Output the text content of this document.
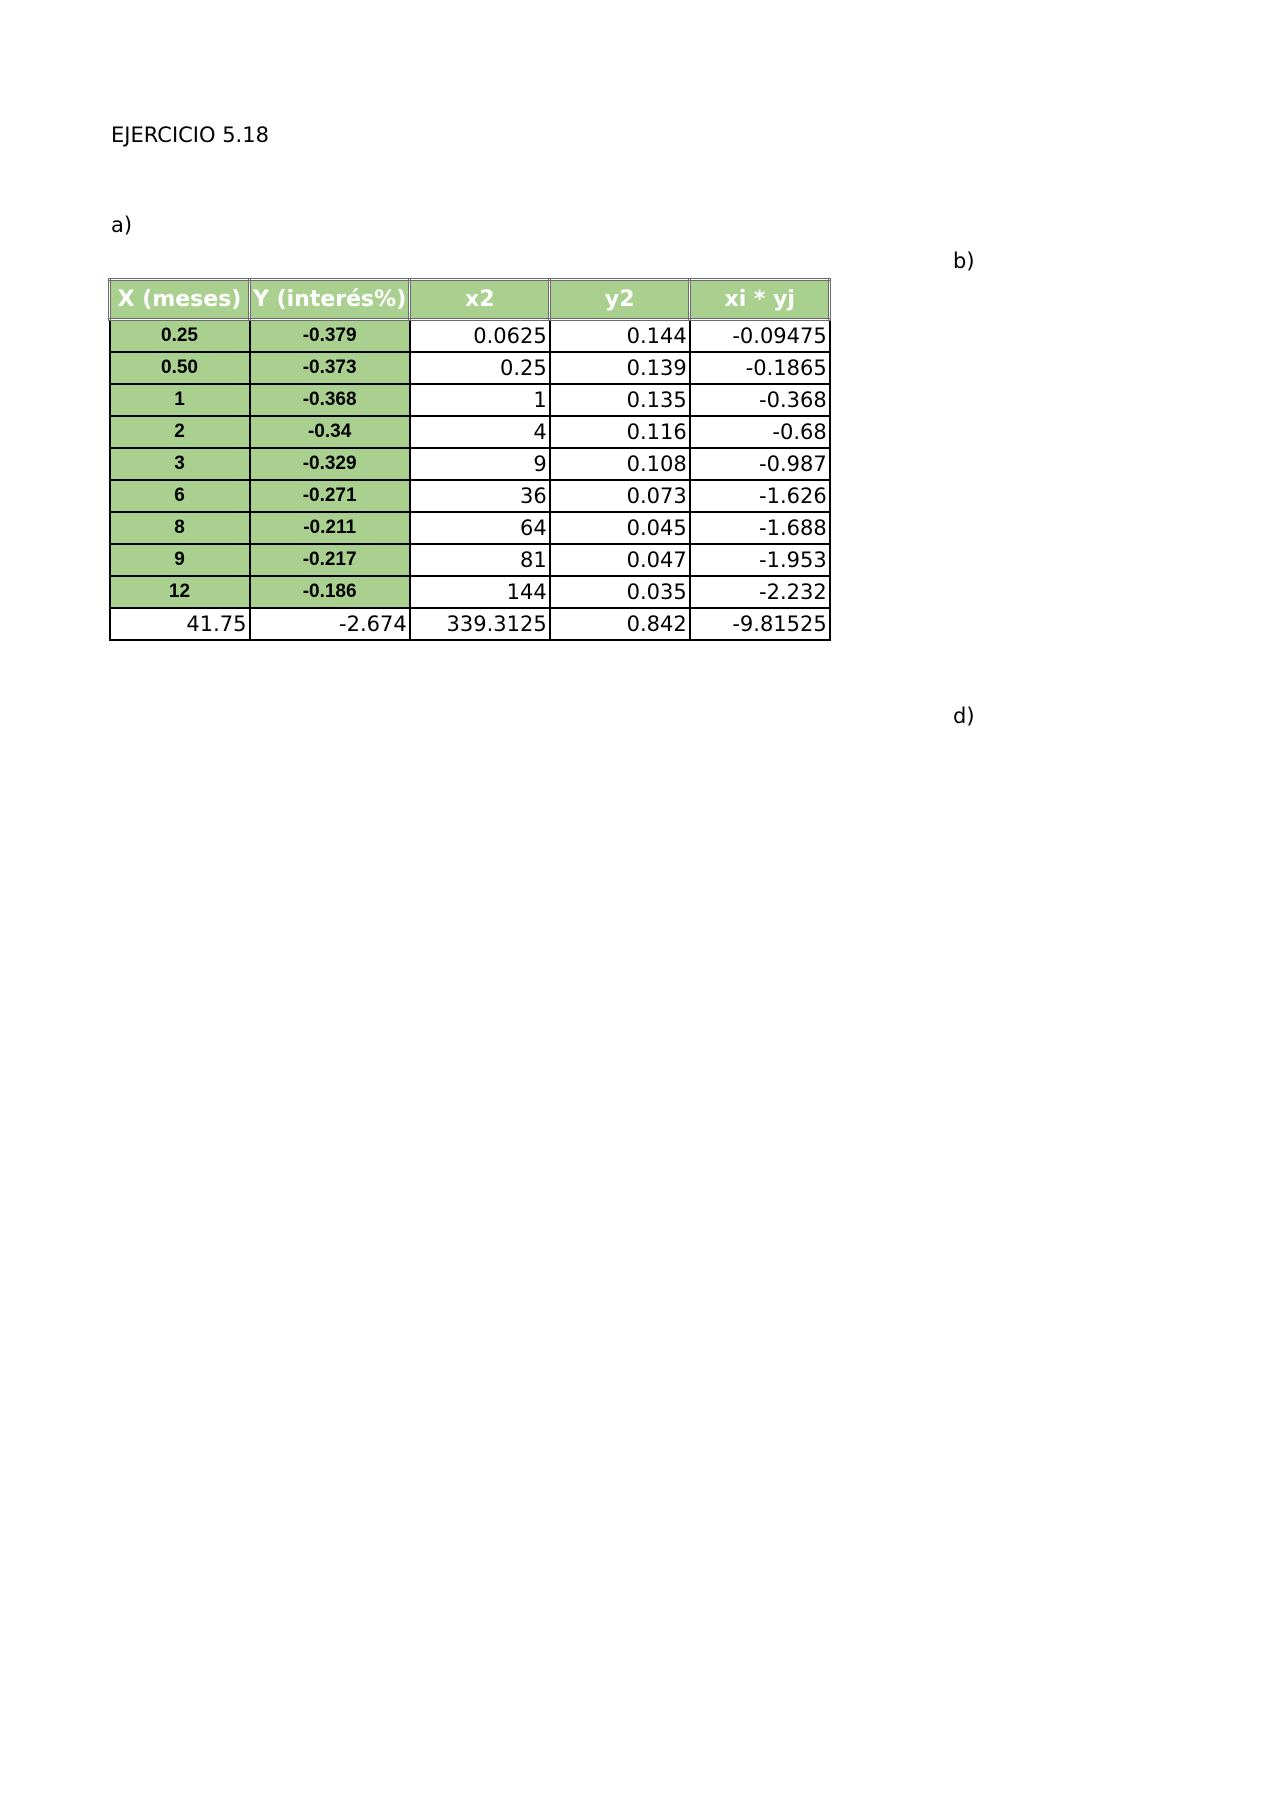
EJERCICIO 5.18
a)
b)
d)
X (meses)	Y (interés%)	x2	y2	xi * yj
0.25	-0.379	0.0625	0.144	-0.09475
0.50	-0.373	0.25	0.139	-0.1865
1	-0.368	1	0.135	-0.368
2	-0.34	4	0.116	-0.68
3	-0.329	9	0.108	-0.987
6	-0.271	36	0.073	-1.626
8	-0.211	64	0.045	-1.688
9	-0.217	81	0.047	-1.953
12	-0.186	144	0.035	-2.232
41.75	-2.674	339.3125	0.842	-9.81525
